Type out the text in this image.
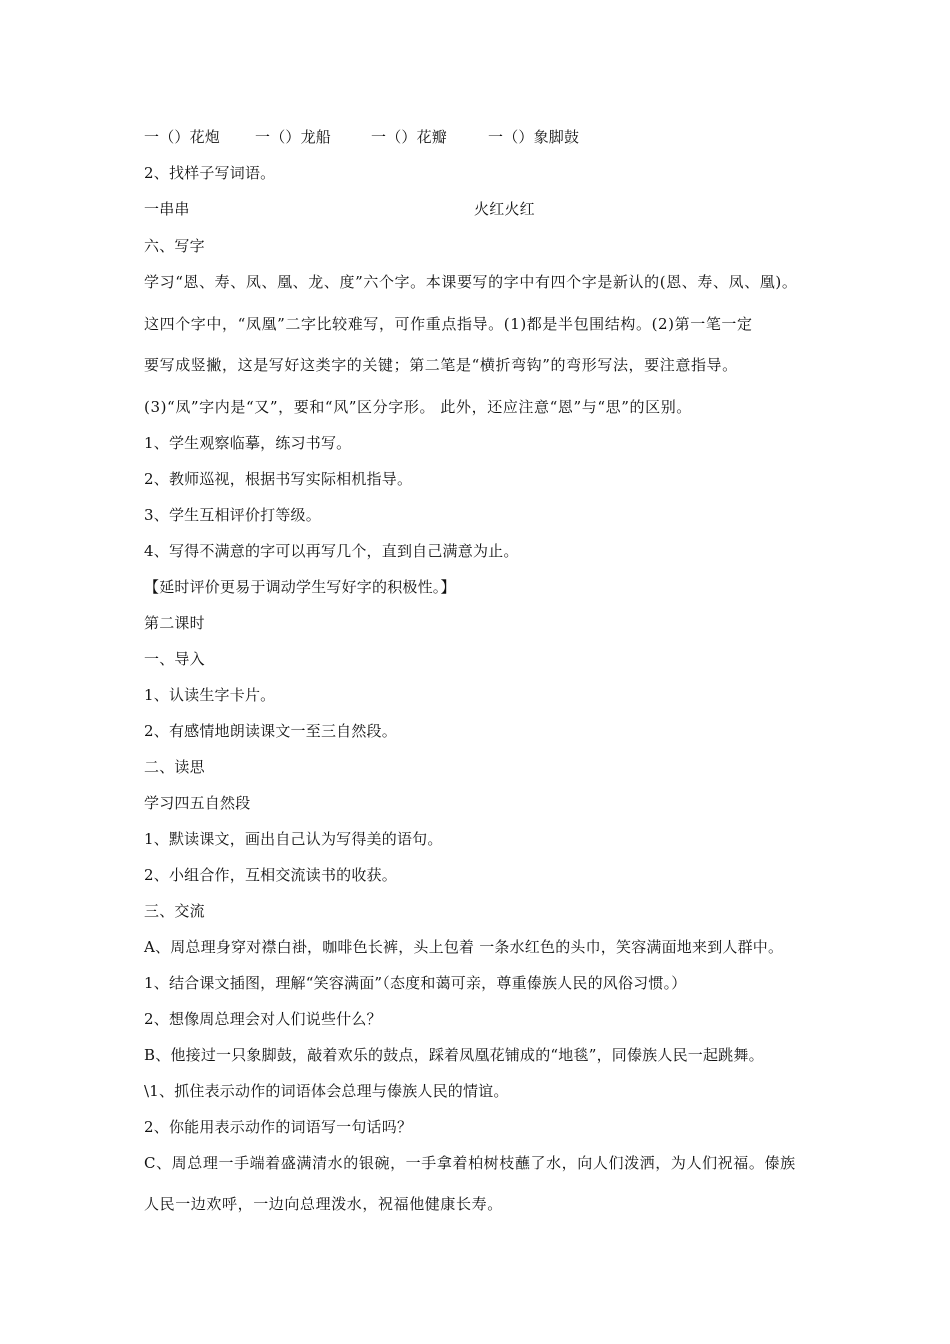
一（）花炮 一（）龙船	一（）花瓣	一（）象脚鼓
2、找样子写词语。
一串串	火红火红
六、写字
学习“恩、寿、凤、凰、龙、度”六个字。本课要写的字中有四个字是新认的(恩、寿、凤、凰)。
这四个字中，“凤凰”二字比较难写，可作重点指导。(1)都是半包围结构。(2)第一笔一定
要写成竖撇，这是写好这类字的关键；第二笔是“横折弯钩”的弯形写法，要注意指导。
(3)“凤”字内是“又”，要和“风”区分字形。 此外，还应注意“恩”与“思”的区别。
1、学生观察临摹，练习书写。
2、教师巡视，根据书写实际相机指导。
3、学生互相评价打等级。
4、写得不满意的字可以再写几个，直到自己满意为止。
【延时评价更易于调动学生写好字的积极性。】
第二课时
一、导入
1、认读生字卡片。
2、有感情地朗读课文一至三自然段。
二、读思
学习四五自然段
1、默读课文，画出自己认为写得美的语句。
2、小组合作，互相交流读书的收获。
三、交流
A、周总理身穿对襟白褂，咖啡色长裤，头上包着 一条水红色的头巾，笑容满面地来到人群中。
1、结合课文插图，理解“笑容满面”（态度和蔼可亲，尊重傣族人民的风俗习惯。）
2、想像周总理会对人们说些什么？
B、他接过一只象脚鼓，敲着欢乐的鼓点，踩着凤凰花铺成的“地毯”，同傣族人民一起跳舞。
\1、抓住表示动作的词语体会总理与傣族人民的情谊。
2、你能用表示动作的词语写一句话吗？
C、周总理一手端着盛满清水的银碗，一手拿着柏树枝蘸了水，向人们泼洒，为人们祝福。傣族
人民一边欢呼，一边向总理泼水，祝福他健康长寿。
